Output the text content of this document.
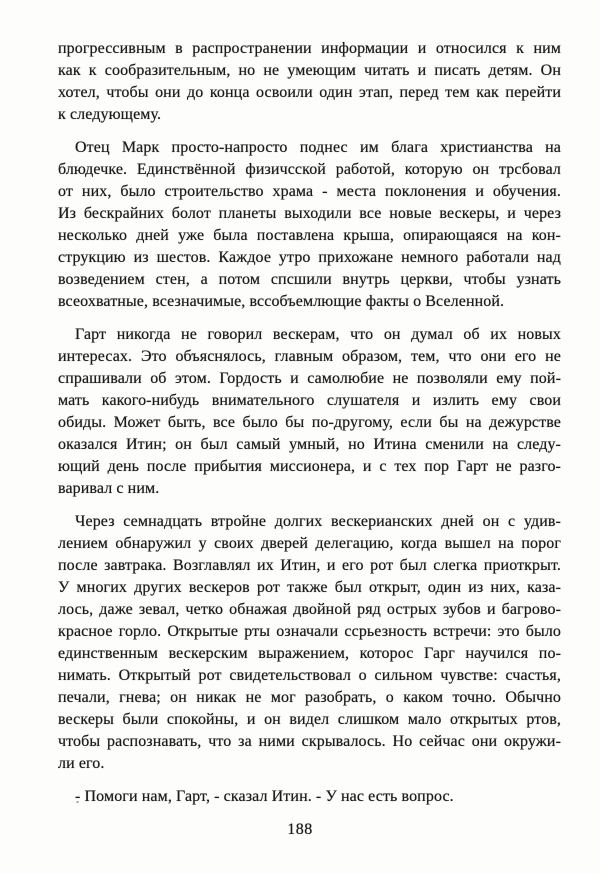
прогрессивным в распространении информации и относился к ним
как к сообразительным, но не умеющим читать и писать детям. Он
хотел, чтобы они до конца освоили один этап, перед тем как перейти
к следующему.
Отец Марк просто-напросто поднес им блага христианства на
блюдечке. Единствённой физичсской работой, которую он трсбовал
от них, было строительство храма - места поклонения и обучения.
Из бескрайних болот планеты выходили все новые вескеры, и через
несколько дней уже была поставлена крыша, опирающаяся на кон-
струкцию из шестов. Каждое утро прихожане немного работали над
возведением стен, а потом спсшили внутрь церкви, чтобы узнать
всеохватные, всезначимые, вссобъемлющие факты о Вселенной.
Гарт никогда не говорил вескерам, что он думал об их новых
интересах. Это объяснялось, главным образом, тем, что они его не
спрашивали об этом. Гордость и самолюбие не позволяли ему пой-
мать какого-нибудь внимательного слушателя и излить ему свои
обиды. Может быть, все было бы по-другому, если бы на дежурстве
оказался Итин; он был самый умный, но Итина сменили на следу-
ющий день после прибытия миссионера, и с тех пор Гарт не разго-
варивал с ним.
Через семнадцать втройне долгих вескерианских дней он с удив-
лением обнаружил у своих дверей делегацию, когда вышел на порог
после завтрака. Возглавлял их Итин, и его рот был слегка приоткрыт.
У многих других вескеров рот также был открыт, один из них, каза-
лось, даже зевал, четко обнажая двойной ряд острых зубов и багрово-
красное горло. Открытые рты означали ссрьезность встречи: это было
единственным вескерским выражением, которос Гарг научился по-
нимать. Открытый рот свидетельствовал о сильном чувстве: счастья,
печали, гнева; он никак не мог разобрать, о каком точно. Обычно
вескеры были спокойны, и он видел слишком мало открытых ртов,
чтобы распознавать, что за ними скрывалось. Но сейчас они окружи-
ли его.
- Помоги нам, Гарт, - сказал Итин. - У нас есть вопрос.
188
